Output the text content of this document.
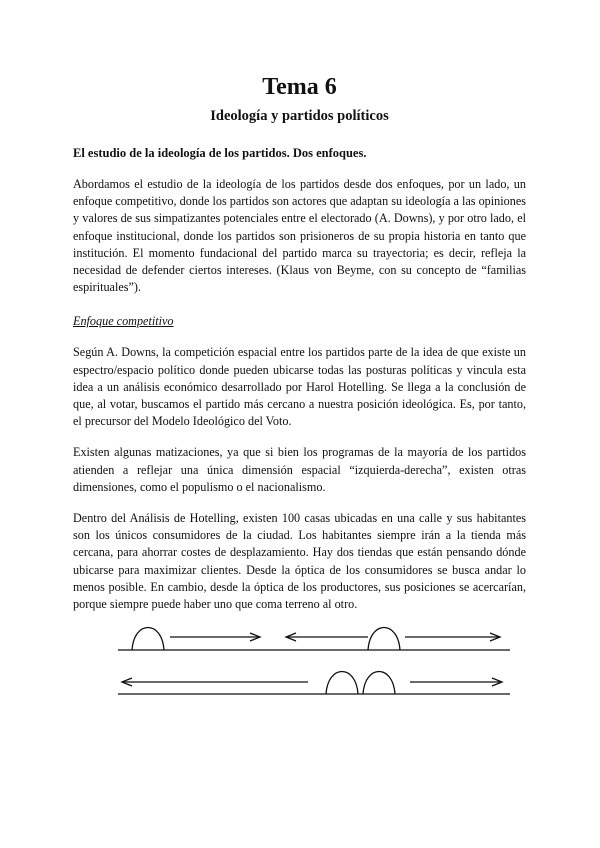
Tema 6
Ideología y partidos políticos
El estudio de la ideología de los partidos. Dos enfoques.

Abordamos el estudio de la ideología de los partidos desde dos enfoques, por un lado, un enfoque competitivo, donde los partidos son actores que adaptan su ideología a las opiniones y valores de sus simpatizantes potenciales entre el electorado (A. Downs), y por otro lado, el enfoque institucional, donde los partidos son prisioneros de su propia historia en tanto que institución. El momento fundacional del partido marca su trayectoria; es decir, refleja la necesidad de defender ciertos intereses. (Klaus von Beyme, con su concepto de “familias espirituales”).

Enfoque competitivo

Según A. Downs, la competición espacial entre los partidos parte de la idea de que existe un espectro/espacio político donde pueden ubicarse todas las posturas políticas y vincula esta idea a un análisis económico desarrollado por Harol Hotelling. Se llega a la conclusión de que, al votar, buscamos el partido más cercano a nuestra posición ideológica. Es, por tanto, el precursor del Modelo Ideológico del Voto.

Existen algunas matizaciones, ya que si bien los programas de la mayoría de los partidos atienden a reflejar una única dimensión espacial “izquierda-derecha”, existen otras dimensiones, como el populismo o el nacionalismo.

Dentro del Análisis de Hotelling, existen 100 casas ubicadas en una calle y sus habitantes son los únicos consumidores de la ciudad. Los habitantes siempre irán a la tienda más cercana, para ahorrar costes de desplazamiento. Hay dos tiendas que están pensando dónde ubicarse para maximizar clientes. Desde la óptica de los consumidores se busca andar lo menos posible. En cambio, desde la óptica de los productores, sus posiciones se acercarían, porque siempre puede haber uno que coma terreno al otro.
